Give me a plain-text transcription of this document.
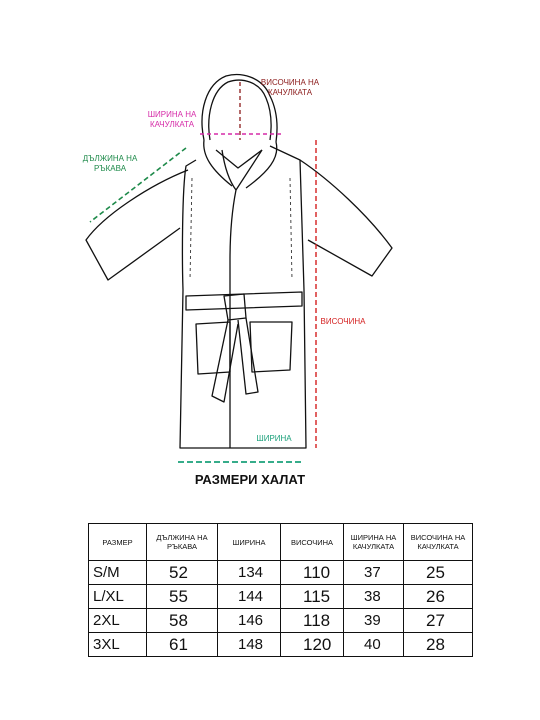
ВИСОЧИНА НА
КАЧУЛКАТА
ШИРИНА НА
КАЧУЛКАТА
ДЪЛЖИНА НА
РЪКАВА
ВИСОЧИНА
ШИРИНА
РАЗМЕРИ ХАЛАТ
РАЗМЕР	ДЪЛЖИНА НА РЪКАВА	ШИРИНА	ВИСОЧИНА	ШИРИНА НА КАЧУЛКАТА	ВИСОЧИНА НА КАЧУЛКАТА
S/M	52	134	110	37	25
L/XL	55	144	115	38	26
2XL	58	146	118	39	27
3XL	61	148	120	40	28
